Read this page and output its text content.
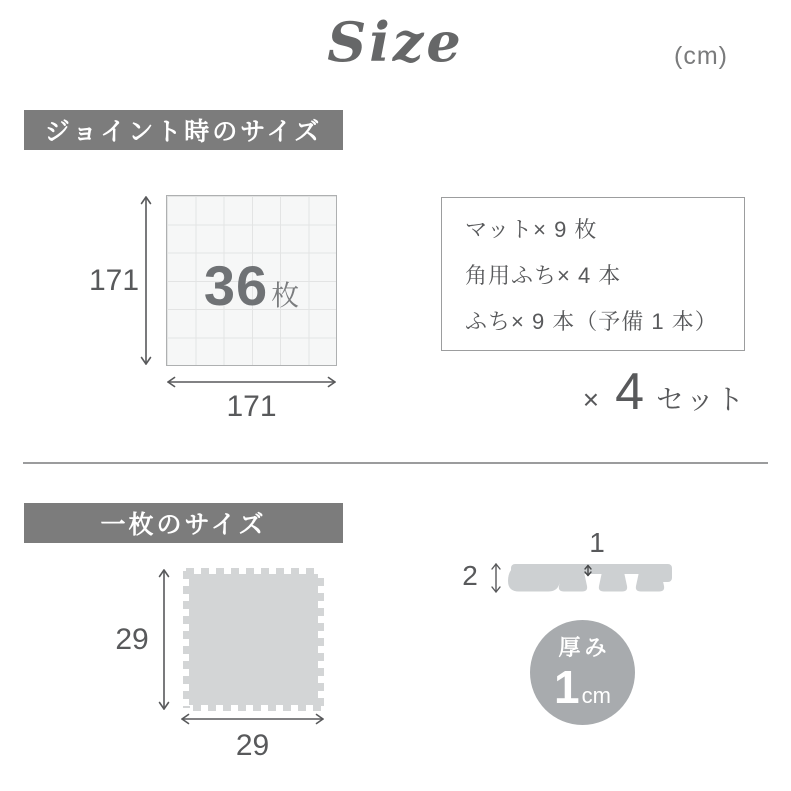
Size	(cm)
ジョイント時のサイズ
36 枚
171
171
マット× 9 枚
角用ふち× 4 本
ふち× 9 本（予備 1 本）
× 4 セット
一枚のサイズ
29
29
1
2
厚み
1 cm
